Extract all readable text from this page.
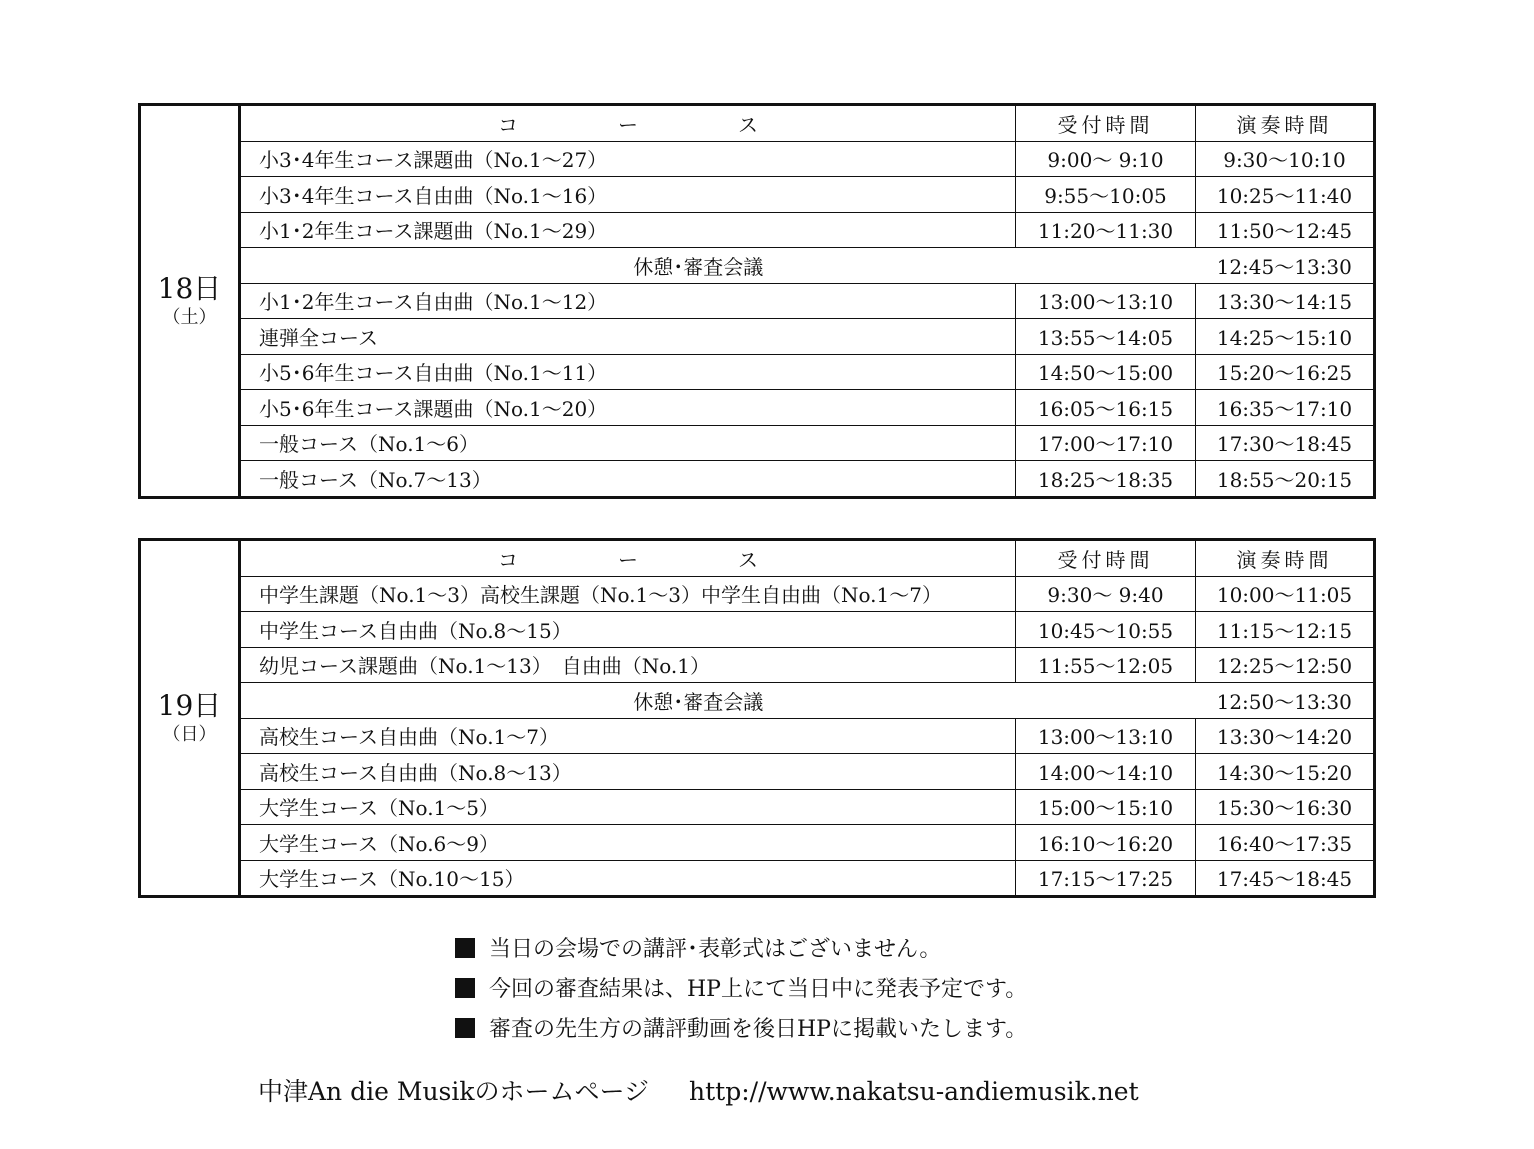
18日
（土）	コ　ー　ス	受付時間	演奏時間
	小3･4年生コース課題曲（No.1～27）	9:00～ 9:10	9:30～10:10
	小3･4年生コース自由曲（No.1～16）	9:55～10:05	10:25～11:40
	小1･2年生コース課題曲（No.1～29）	11:20～11:30	11:50～12:45
	休憩･審査会議		12:45～13:30
	小1･2年生コース自由曲（No.1～12）	13:00～13:10	13:30～14:15
	連弾全コース	13:55～14:05	14:25～15:10
	小5･6年生コース自由曲（No.1～11）	14:50～15:00	15:20～16:25
	小5･6年生コース課題曲（No.1～20）	16:05～16:15	16:35～17:10
	一般コース（No.1～6）	17:00～17:10	17:30～18:45
	一般コース（No.7～13）	18:25～18:35	18:55～20:15
19日
（日）	コ　ー　ス	受付時間	演奏時間
	中学生課題（No.1～3）高校生課題（No.1～3）中学生自由曲（No.1～7）	9:30～ 9:40	10:00～11:05
	中学生コース自由曲（No.8～15）	10:45～10:55	11:15～12:15
	幼児コース課題曲（No.1～13）　自由曲（No.1）	11:55～12:05	12:25～12:50
	休憩･審査会議		12:50～13:30
	高校生コース自由曲（No.1～7）	13:00～13:10	13:30～14:20
	高校生コース自由曲（No.8～13）	14:00～14:10	14:30～15:20
	大学生コース（No.1～5）	15:00～15:10	15:30～16:30
	大学生コース（No.6～9）	16:10～16:20	16:40～17:35
	大学生コース（No.10～15）	17:15～17:25	17:45～18:45
当日の会場での講評･表彰式はございません。
今回の審査結果は、HP上にて当日中に発表予定です。
審査の先生方の講評動画を後日HPに掲載いたします。
中津An die Musikのホームページ http://www.nakatsu-andiemusik.net
